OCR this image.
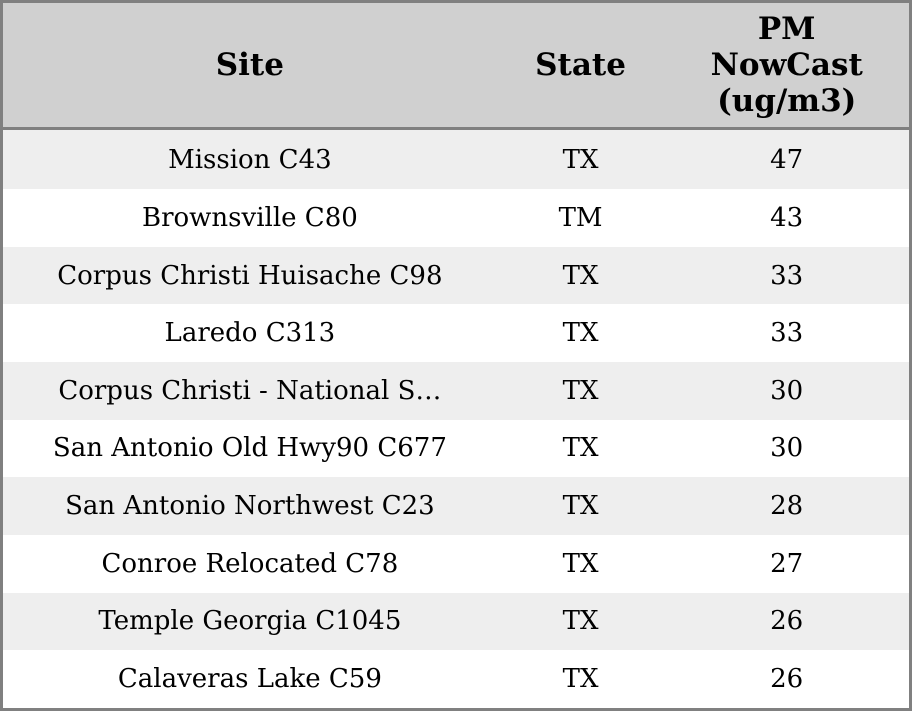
Site	State	PM NowCast (ug/m3)

Mission C43	TX	47
Brownsville C80	TM	43
Corpus Christi Huisache C98	TX	33
Laredo C313	TX	33
Corpus Christi - National S…	TX	30
San Antonio Old Hwy90 C677	TX	30
San Antonio Northwest C23	TX	28
Conroe Relocated C78	TX	27
Temple Georgia C1045	TX	26
Calaveras Lake C59	TX	26
